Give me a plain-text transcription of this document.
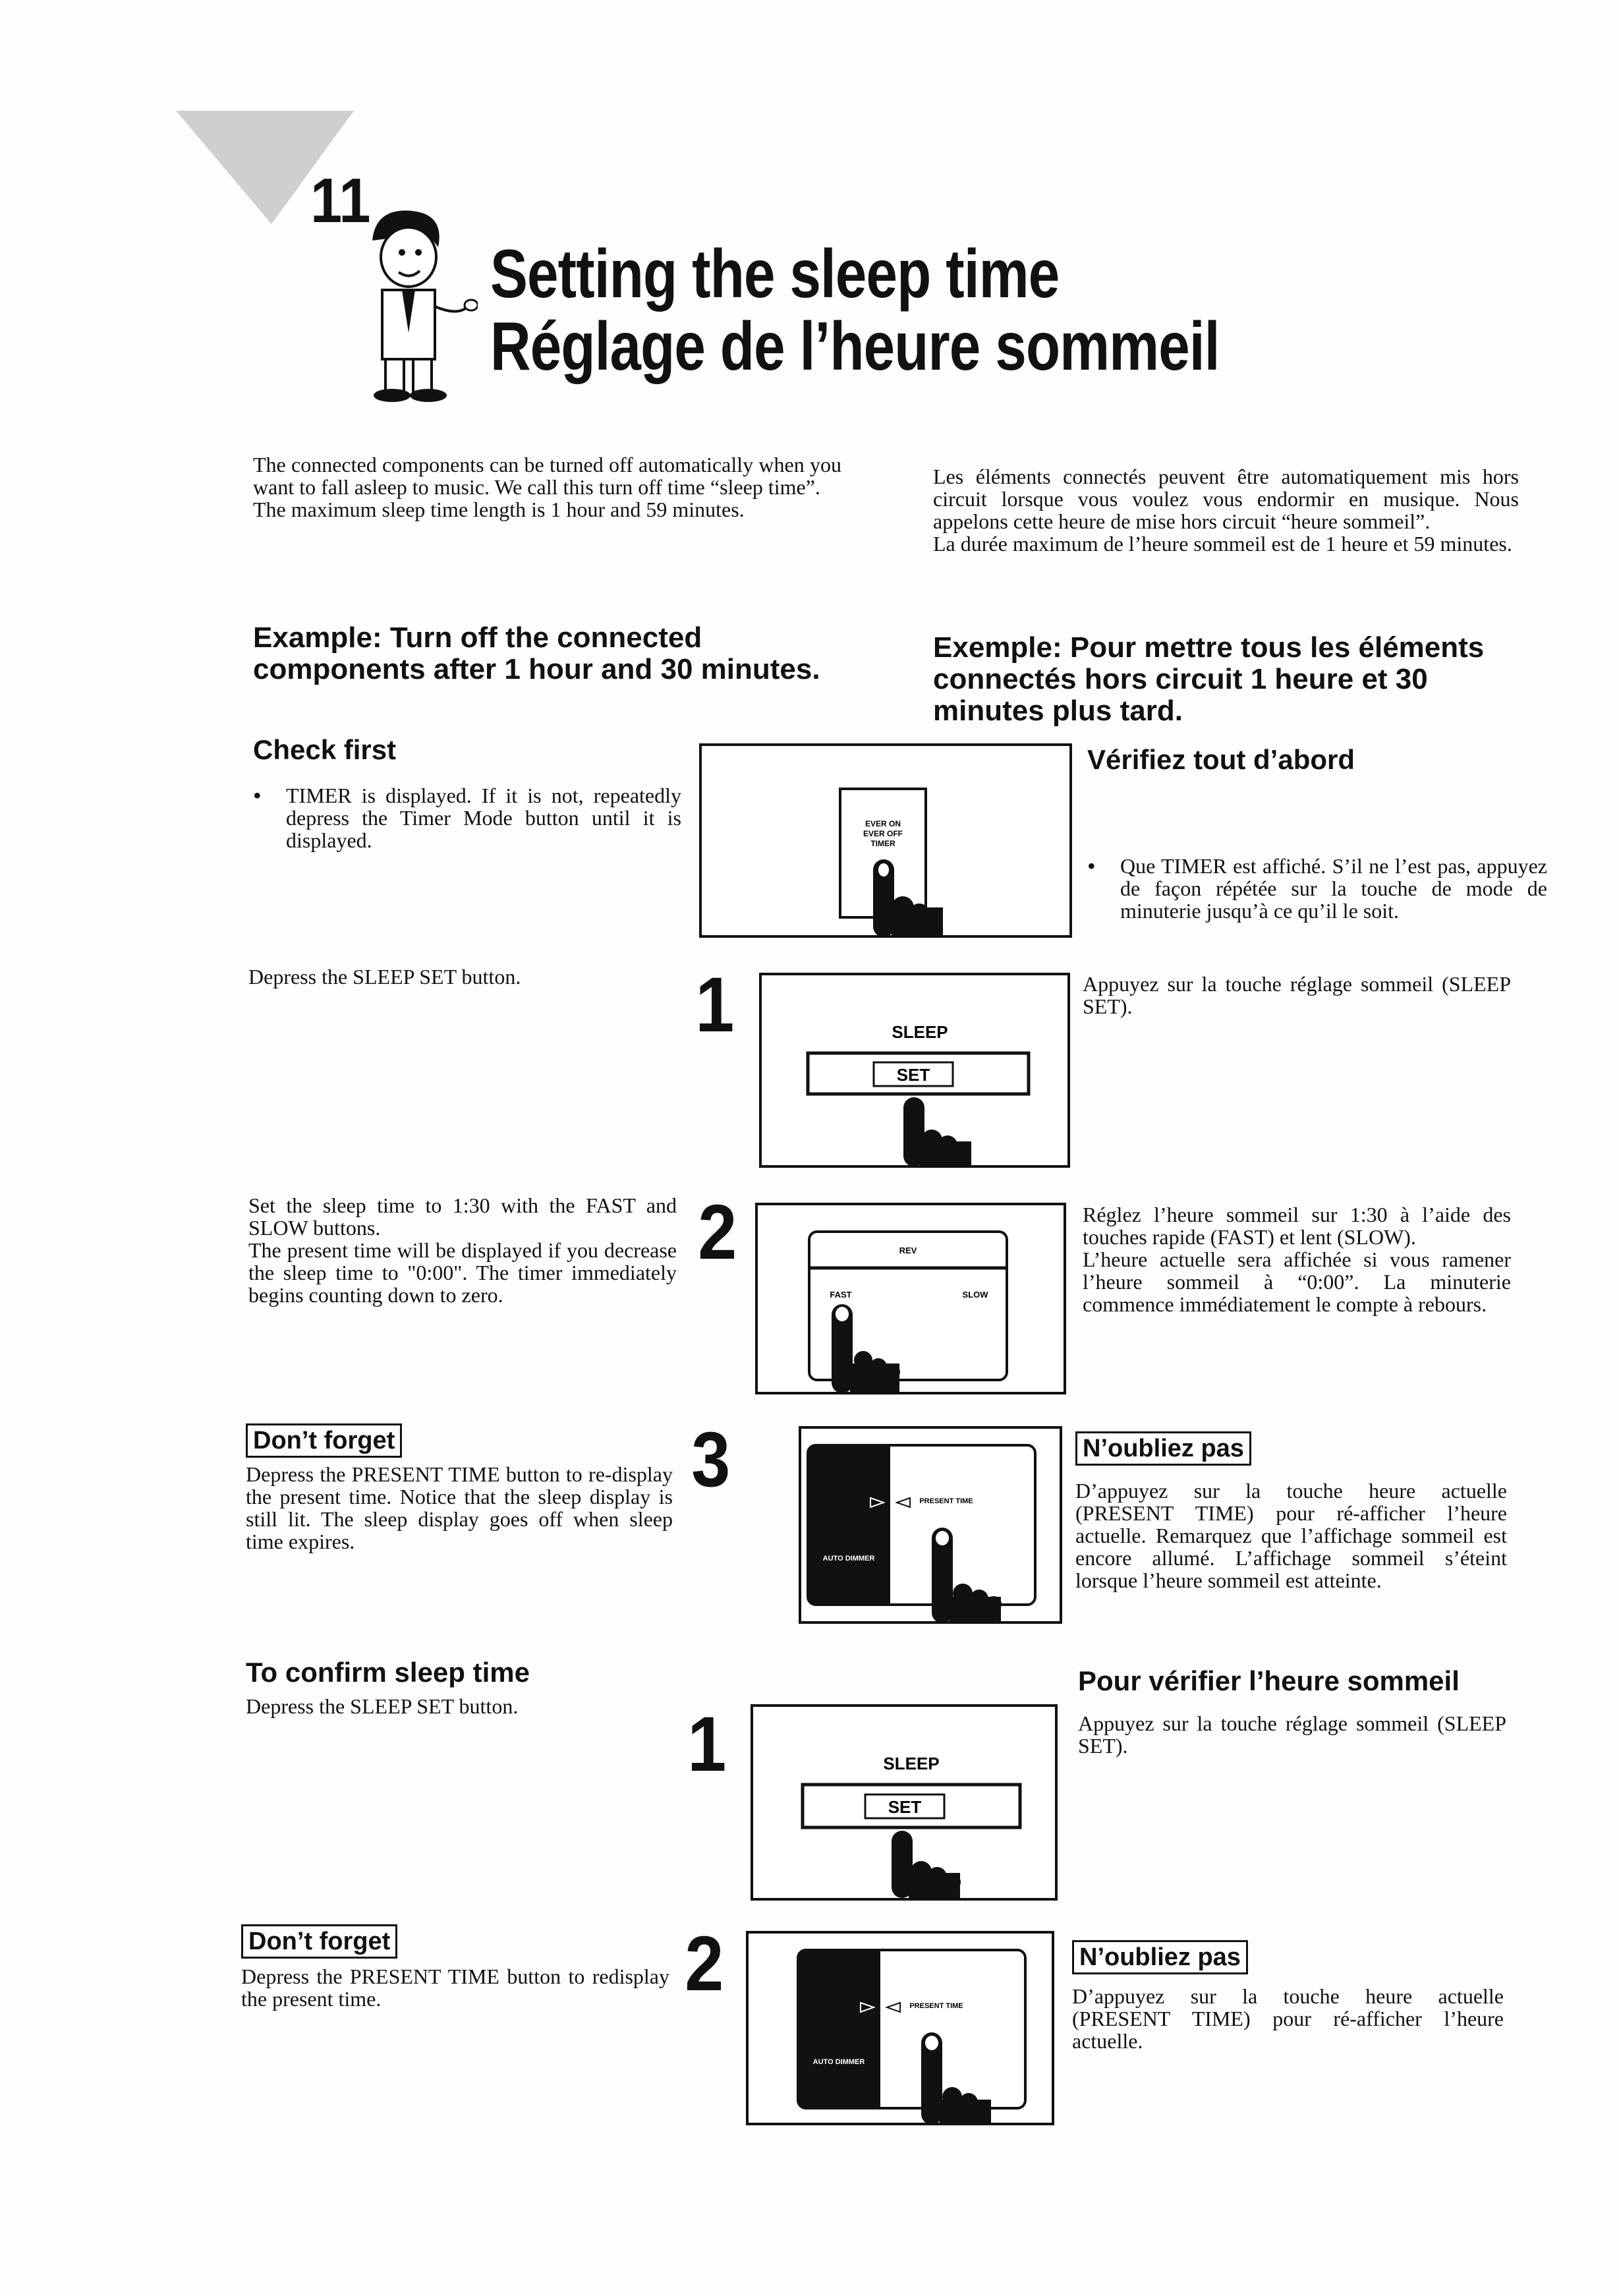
11
Setting the sleep time
Réglage de l’heure sommeil

The connected components can be turned off automatically when you want to fall asleep to music. We call this turn off time “sleep time”.

The maximum sleep time length is 1 hour and 59 minutes.

Les éléments connectés peuvent être automatiquement mis hors circuit lorsque vous voulez vous endormir en musique. Nous appelons cette heure de mise hors circuit “heure sommeil”.

La durée maximum de l’heure sommeil est de 1 heure et 59 minutes.

Example: Turn off the connected components after 1 hour and 30 minutes.
Exemple: Pour mettre tous les éléments connectés hors circuit 1 heure et 30 minutes plus tard.
Check first
• TIMER is displayed. If it is not, repeatedly depress the Timer Mode button until it is displayed.
EVER ON
EVER OFF
TIMER
Vérifiez tout d’abord
• Que TIMER est affiché. S’il ne l’est pas, appuyez de façon répétée sur la touche de mode de minuterie jusqu’à ce qu’il le soit.
Depress the SLEEP SET button.	1	SLEEP
SET
Appuyez sur la touche réglage sommeil (SLEEP SET).

Set the sleep time to 1:30 with the FAST and SLOW buttons.

The present time will be displayed if you decrease the sleep time to "0:00". The timer immediately begins counting down to zero.

2	REV
FAST	SLOW

Réglez l’heure sommeil sur 1:30 à l’aide des touches rapide (FAST) et lent (SLOW).

L’heure actuelle sera affichée si vous ramener l’heure sommeil à “0:00”. La minuterie commence immédiatement le compte à rebours.

Don’t forget
Depress the PRESENT TIME button to re-display the present time. Notice that the sleep display is still lit. The sleep display goes off when sleep time expires.
3	PRESENT TIME
AUTO DIMMER
N’oubliez pas
D’appuyez sur la touche heure actuelle (PRESENT TIME) pour ré-afficher l’heure actuelle. Remarquez que l’affichage sommeil est encore allumé. L’affichage sommeil s’éteint lorsque l’heure sommeil est atteinte.
To confirm sleep time
Depress the SLEEP SET button.	1	SLEEP
SET
Pour vérifier l’heure sommeil
Appuyez sur la touche réglage sommeil (SLEEP SET).
Don’t forget
Depress the PRESENT TIME button to redisplay the present time.	2	PRESENT TIME
AUTO DIMMER
N’oubliez pas
D’appuyez sur la touche heure actuelle (PRESENT TIME) pour ré-afficher l’heure actuelle.
